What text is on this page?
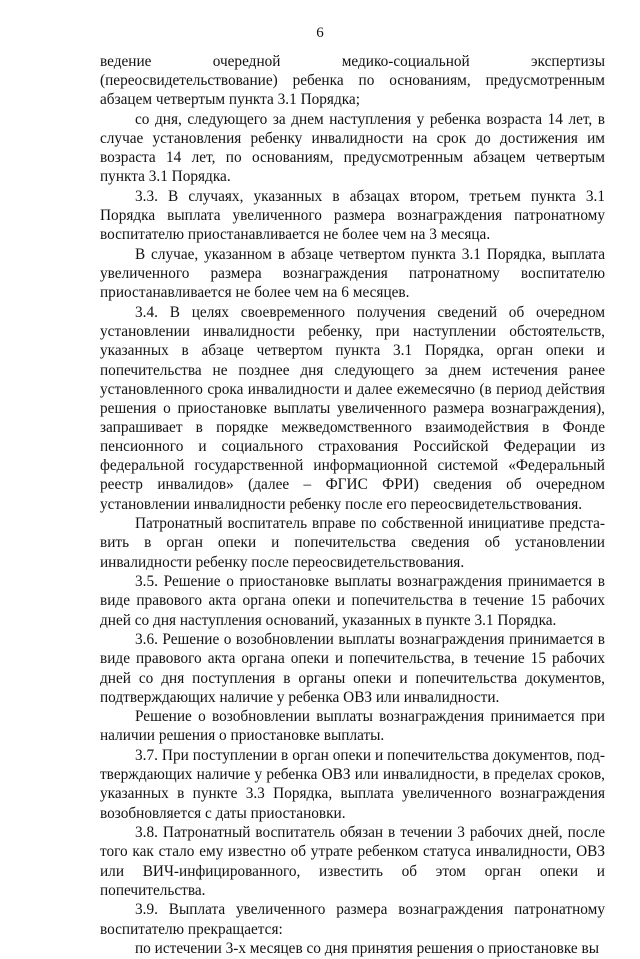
6

ведение очередной медико-социальной экспертизы (переосвидетельствование) ребенка по основаниям, предусмотренным абзацем четвертым пункта 3.1 Порядка;

со дня, следующего за днем наступления у ребенка возраста 14 лет, в случае установления ребенку инвалидности на срок до достижения им возраста 14 лет, по основаниям, предусмотренным абзацем четвертым пункта 3.1 Порядка.

3.3. В случаях, указанных в абзацах втором, третьем пункта 3.1 Порядка выплата увеличенного размера вознаграждения патронатному воспитателю приостанавливается не более чем на 3 месяца.

В случае, указанном в абзаце четвертом пункта 3.1 Порядка, выплата увеличенного размера вознаграждения патронатному воспитателю приостанавливается не более чем на 6 месяцев.

3.4. В целях своевременного получения сведений об очередном установлении инвалидности ребенку, при наступлении обстоятельств, указанных в абзаце четвертом пункта 3.1 Порядка, орган опеки и попечительства не позднее дня следующего за днем истечения ранее установленного срока инвалидности и далее ежемесячно (в период действия решения о приостановке выплаты увеличенного размера вознаграждения), запрашивает в порядке межведомственного взаимодействия в Фонде пенсионного и социального страхования Российской Федерации из федеральной государственной информационной системой «Федеральный реестр инвалидов» (далее – ФГИС ФРИ) сведения об очередном установлении инвалидности ребенку после его переосвидетельствования.

Патронатный воспитатель вправе по собственной инициативе представить в орган опеки и попечительства сведения об установлении инвалидности ребенку после переосвидетельствования.

3.5. Решение о приостановке выплаты вознаграждения принимается в виде правового акта органа опеки и попечительства в течение 15 рабочих дней со дня наступления оснований, указанных в пункте 3.1 Порядка.

3.6. Решение о возобновлении выплаты вознаграждения принимается в виде правового акта органа опеки и попечительства, в течение 15 рабочих дней со дня поступления в органы опеки и попечительства документов, подтверждающих наличие у ребенка ОВЗ или инвалидности.

Решение о возобновлении выплаты вознаграждения принимается при наличии решения о приостановке выплаты.

3.7. При поступлении в орган опеки и попечительства документов, подтверждающих наличие у ребенка ОВЗ или инвалидности, в пределах сроков, указанных в пункте 3.3 Порядка, выплата увеличенного вознаграждения возобновляется с даты приостановки.

3.8. Патронатный воспитатель обязан в течении 3 рабочих дней, после того как стало ему известно об утрате ребенком статуса инвалидности, ОВЗ или ВИЧ-инфицированного, известить об этом орган опеки и попечительства.

3.9. Выплата увеличенного размера вознаграждения патронатному воспитателю прекращается:

по истечении 3-х месяцев со дня принятия решения о приостановке вы
